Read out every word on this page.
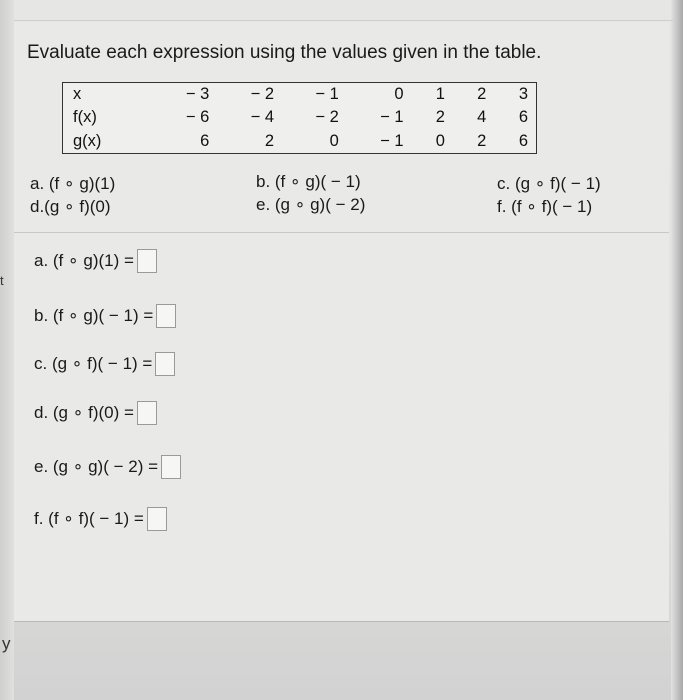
Evaluate each expression using the values given in the table.
x	− 3	− 2	− 1	0	1	2	3
f(x)	− 6	− 4	− 2	− 1	2	4	6
g(x)	6	2	0	− 1	0	2	6
a. (f ∘ g)(1)	b. (f ∘ g)( − 1)	c. (g ∘ f)( − 1)
d.(g ∘ f)(0)	e. (g ∘ g)( − 2)	f. (f ∘ f)( − 1)
a. (f ∘ g)(1) =
b. (f ∘ g)( − 1) =
c. (g ∘ f)( − 1) =
d. (g ∘ f)(0) =
e. (g ∘ g)( − 2) =
f. (f ∘ f)( − 1) =
t
y
